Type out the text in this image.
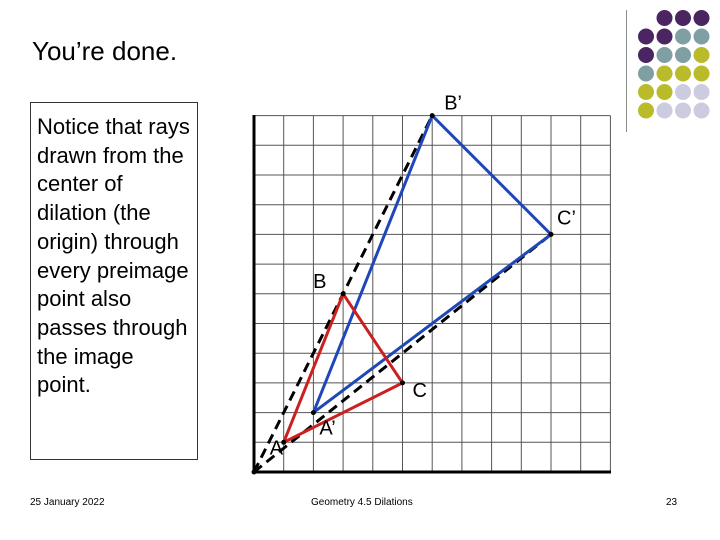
You’re done.
Notice that rays drawn from the center of dilation (the origin) through every preimage point also passes through the image point.
A
B
C
A’
B’
C’
25 January 2022	Geometry 4.5 Dilations	23
